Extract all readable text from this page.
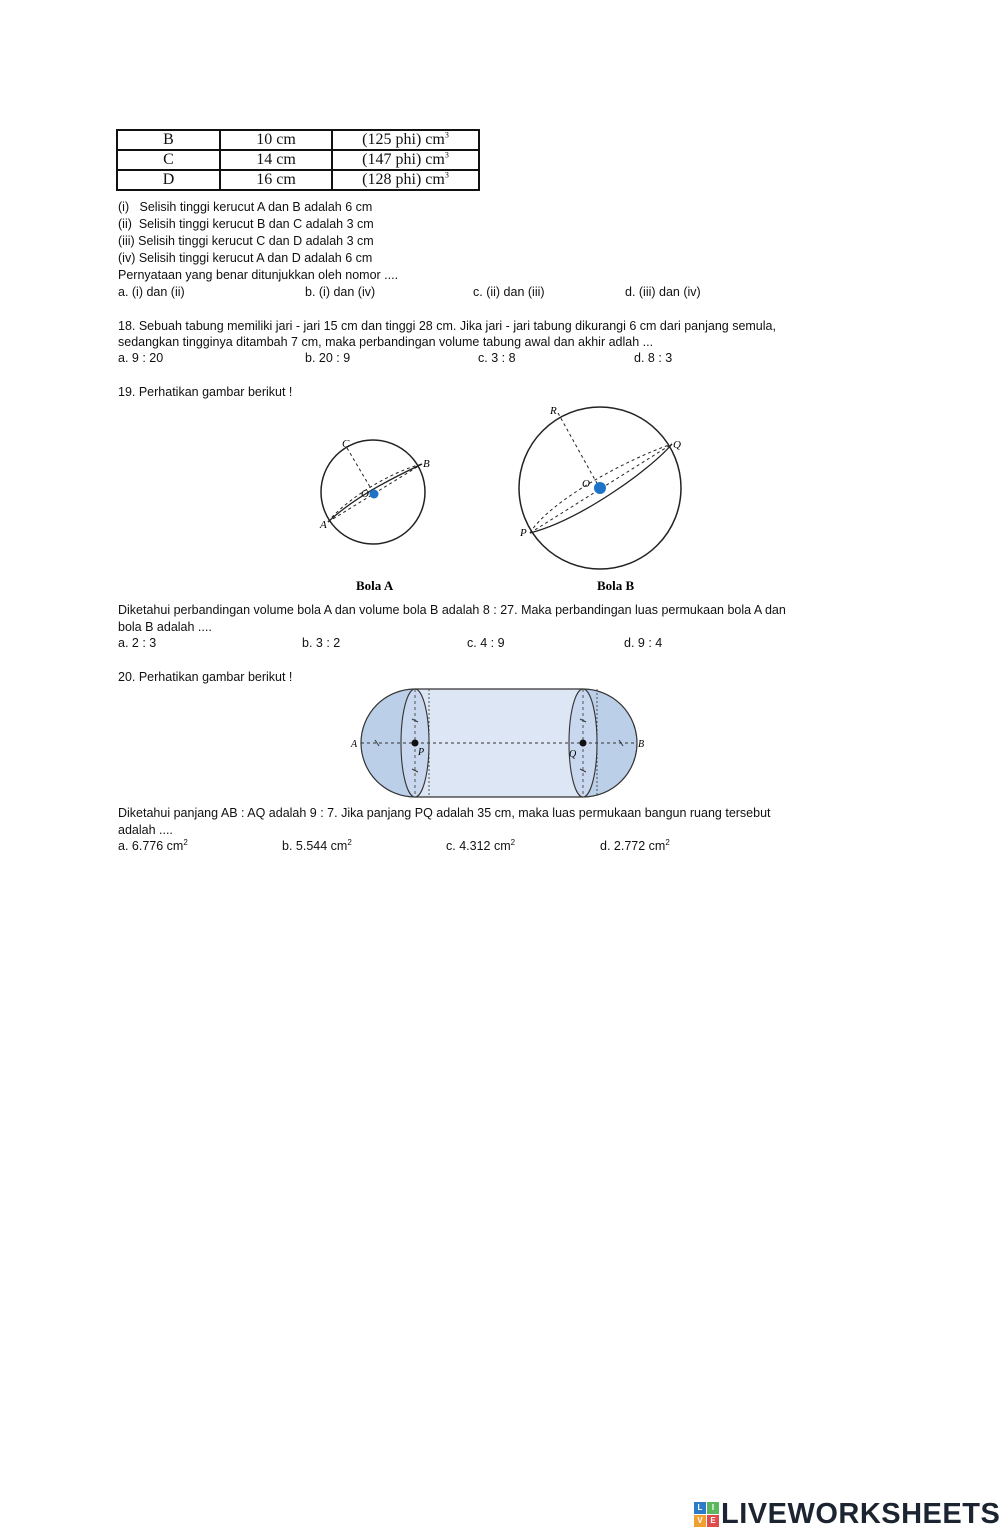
B	10 cm	(125 phi) $cm^3$
C	14 cm	(147 phi) $cm^3$
D	16 cm	(128 phi) $cm^3$
(i)   Selisih tinggi kerucut A dan B adalah 6 cm
(ii)  Selisih tinggi kerucut B dan C adalah 3 cm
(iii) Selisih tinggi kerucut C dan D adalah 3 cm
(iv) Selisih tinggi kerucut A dan D adalah 6 cm
Pernyataan yang benar ditunjukkan oleh nomor ....
a. (i) dan (ii)	b. (i) dan (iv)	c. (ii) dan (iii)	d. (iii) dan (iv)
18. Sebuah tabung memiliki jari - jari 15 cm dan tinggi 28 cm. Jika jari - jari tabung dikurangi 6 cm dari panjang semula,
sedangkan tingginya ditambah 7 cm, maka perbandingan volume tabung awal dan akhir adlah ...
a. 9 : 20	b. 20 : 9	c. 3 : 8	d. 8 : 3
19. Perhatikan gambar berikut !
C
B
A
O
R
Q
P
O
Bola A	Bola B
Diketahui perbandingan volume bola A dan volume bola B adalah 8 : 27. Maka perbandingan luas permukaan bola A dan
bola B adalah ....
a. 2 : 3	b. 3 : 2	c. 4 : 9	d. 9 : 4
20. Perhatikan gambar berikut !
A
P	Q
B
Diketahui panjang AB : AQ adalah 9 : 7. Jika panjang PQ adalah 35 cm, maka luas permukaan bangun ruang tersebut
adalah ....
a. 6.776 $cm^2$	b. 5.544 $cm^2$	c. 4.312 $cm^2$	d. 2.772 $cm^2$
L	I
V E LIVEWORKSHEETS
